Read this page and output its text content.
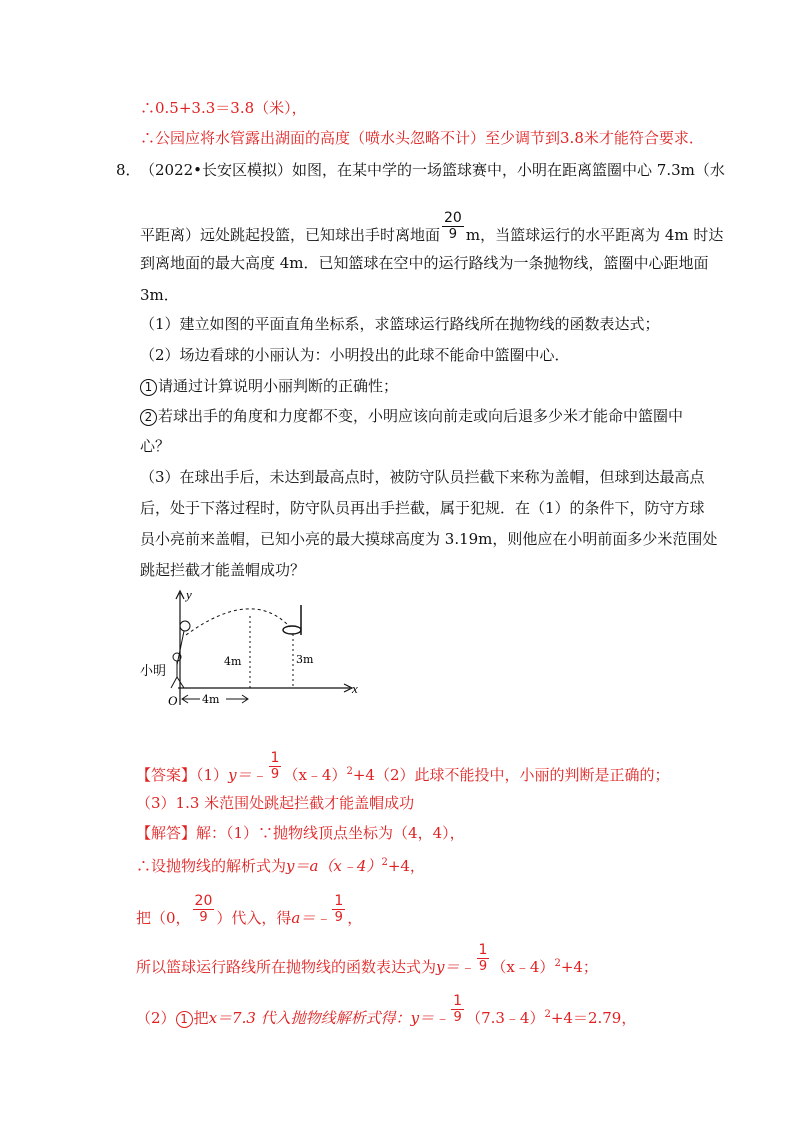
∴0.5+3.3＝3.8（米），
∴公园应将水管露出湖面的高度（喷水头忽略不计）至少调节到3.8米才能符合要求．
8． （2022•长安区模拟）如图，在某中学的一场篮球赛中，小明在距离篮圈中心 7.3m（水
平距离）远处跳起投篮，已知球出手时离地面 $\frac{20}{9}$ m，当篮球运行的水平距离为 4m 时达
到离地面的最大高度 4m．已知篮球在空中的运行路线为一条抛物线，篮圈中心距地面
3m．
（1）建立如图的平面直角坐标系，求篮球运行路线所在抛物线的函数表达式；
（2）场边看球的小丽认为：小明投出的此球不能命中篮圈中心．
1 请通过计算说明小丽判断的正确性；
2 若球出手的角度和力度都不变，小明应该向前走或向后退多少米才能命中篮圈中
心？
（3）在球出手后，未达到最高点时，被防守队员拦截下来称为盖帽，但球到达最高点
后，处于下落过程时，防守队员再出手拦截，属于犯规．在（1）的条件下，防守方球
员小亮前来盖帽，已知小亮的最大摸球高度为 3.19m，则他应在小明前面多少米范围处
跳起拦截才能盖帽成功？
y
x
O
4m	3m
小明
4m
【答案】（1）y＝﹣ $\frac{1}{9}$ （x﹣4）$^2$+4（2）此球不能投中，小丽的判断是正确的；
（3）1.3 米范围处跳起拦截才能盖帽成功
【解答】解：（1）∵抛物线顶点坐标为（4，4），
∴设抛物线的解析式为y＝a（x﹣4）$^2$+4，
把（0， $\frac{20}{9}$ ）代入，得a＝﹣ $\frac{1}{9}$ ，
所以篮球运行路线所在抛物线的函数表达式为y＝﹣ $\frac{1}{9}$ （x﹣4）$^2$+4；
（2） 1 把x＝7.3 代入抛物线解析式得：y＝﹣ $\frac{1}{9}$ （7.3﹣4）$^2$+4＝2.79，
